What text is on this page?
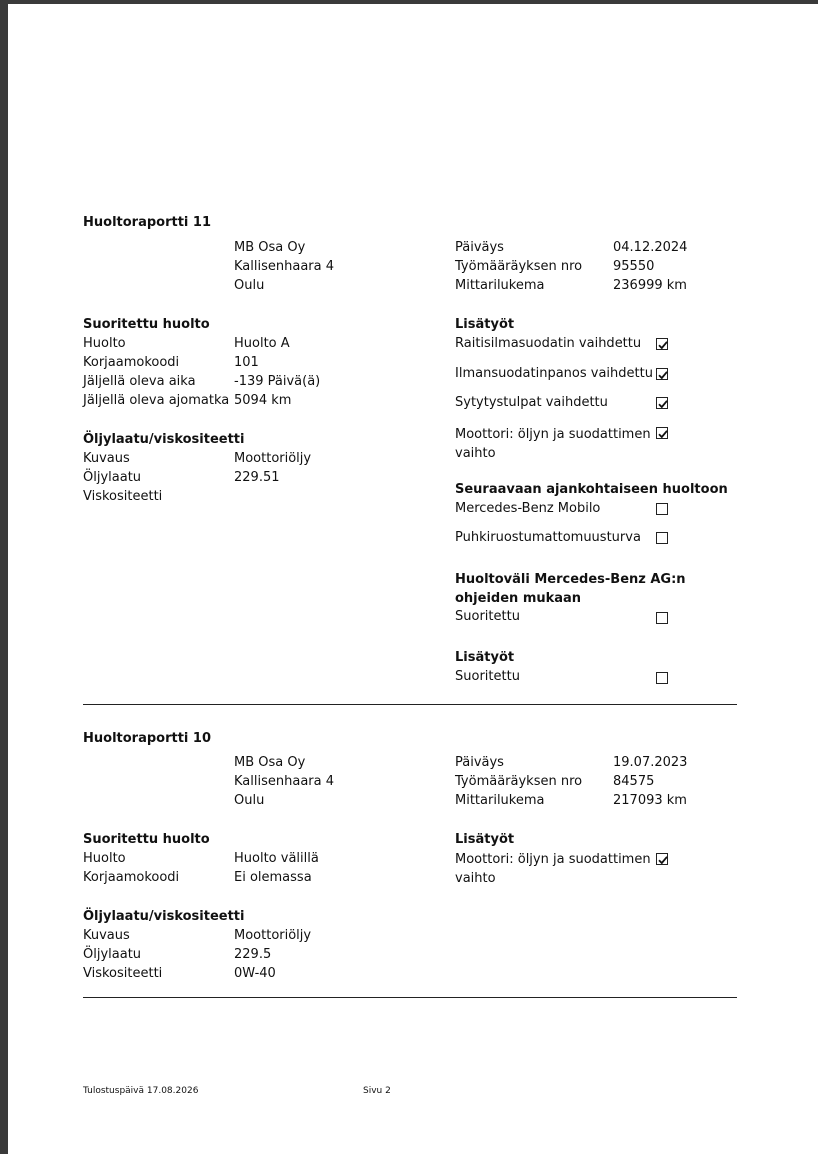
Huoltoraportti 11
MB Osa Oy
Kallisenhaara 4
Oulu
Päiväys	04.12.2024
Työmääräyksen nro 95550
Mittarilukema	236999 km
Suoritettu huolto
Huolto	Huolto A
Korjaamokoodi	101
Jäljellä oleva aika	-139 Päivä(ä)
Jäljellä oleva ajomatka 5094 km
Öljylaatu/viskositeetti
Kuvaus	Moottoriöljy
Öljylaatu	229.51
Viskositeetti
Lisätyöt
Raitisilmasuodatin vaihdettu
Ilmansuodatinpanos vaihdettu
Sytytystulpat vaihdettu
Moottori: öljyn ja suodattimen vaihto
Seuraavaan ajankohtaiseen huoltoon
Mercedes-Benz Mobilo
Puhkiruostumattomuusturva
Huoltoväli Mercedes-Benz AG:n ohjeiden mukaan
Suoritettu
Lisätyöt
Suoritettu
Huoltoraportti 10
MB Osa Oy
Kallisenhaara 4
Oulu
Päiväys	19.07.2023
Työmääräyksen nro 84575
Mittarilukema	217093 km
Suoritettu huolto
Huolto	Huolto välillä
Korjaamokoodi	Ei olemassa
Öljylaatu/viskositeetti
Kuvaus	Moottoriöljy
Öljylaatu	229.5
Viskositeetti	0W-40
Lisätyöt
Moottori: öljyn ja suodattimen vaihto
Tulostuspäivä 17.08.2026	Sivu 2
